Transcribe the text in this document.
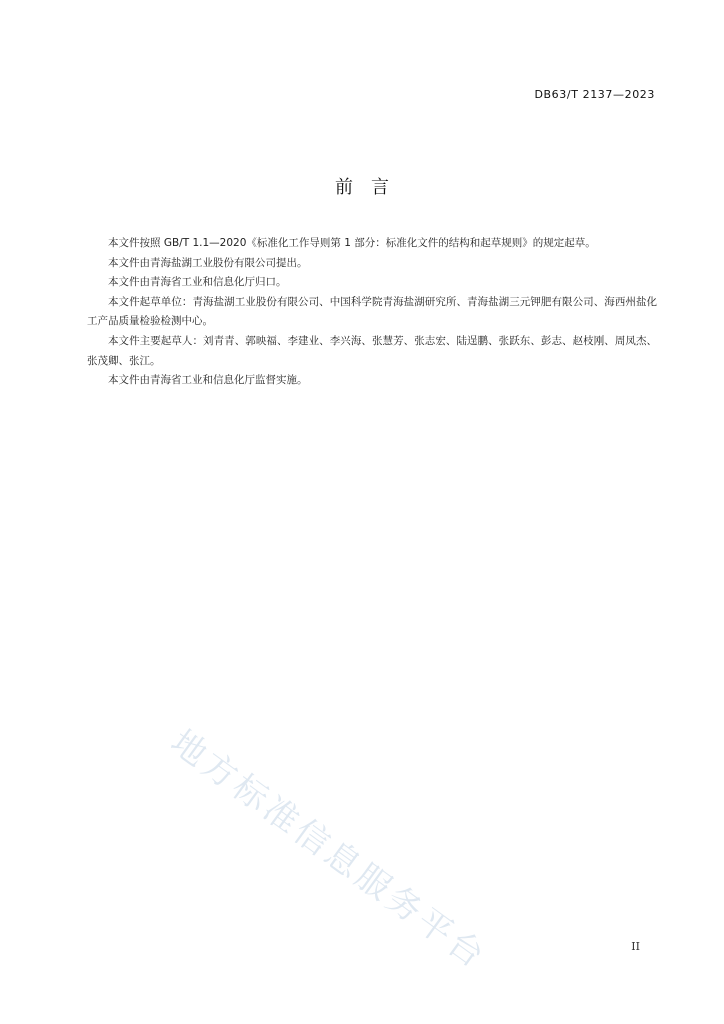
DB63/T 2137—2023
前言

本文件按照 GB/T 1.1—2020《标准化工作导则第 1 部分：标准化文件的结构和起草规则》的规定起草。

本文件由青海盐湖工业股份有限公司提出。

本文件由青海省工业和信息化厅归口。

本文件起草单位：青海盐湖工业股份有限公司、中国科学院青海盐湖研究所、青海盐湖三元钾肥有限公司、海西州盐化工产品质量检验检测中心。

本文件主要起草人：刘青青、郭映福、李建业、李兴海、张慧芳、张志宏、陆逞鹏、张跃东、彭志、赵枝刚、周凤杰、张茂卿、张江。

本文件由青海省工业和信息化厅监督实施。

地方标准信息服务平台	II
